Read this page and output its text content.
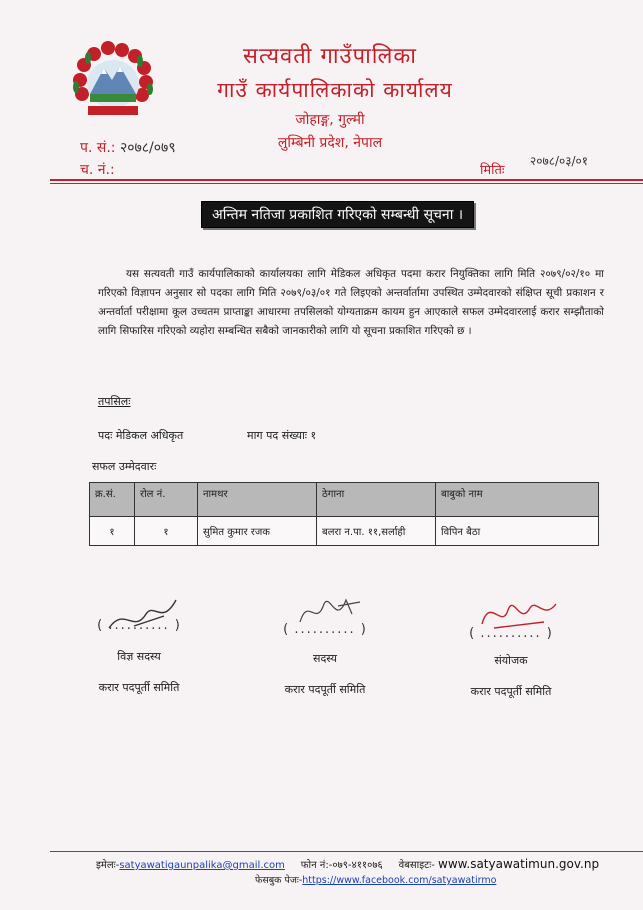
सत्यवती गाउँपालिका
गाउँ कार्यपालिकाको कार्यालय
जोहाङ्ग, गुल्मी
लुम्बिनी प्रदेश, नेपाल
प. सं.: २०७८/०७९
च. नं.:	मितिः
२०७८/०३/०१
अन्तिम नतिजा प्रकाशित गरिएको सम्बन्धी सूचना ।
यस सत्यवती गाउँ कार्यपालिकाको कार्यालयका लागि मेडिकल अधिकृत पदमा करार नियुक्तिका लागि मिति २०७९/०२/१० मा गरिएको विज्ञापन अनुसार सो पदका लागि मिति २०७९/०३/०१ गते लिइएको अन्तर्वार्तामा उपस्थित उम्मेदवारको संक्षिप्त सूची प्रकाशन र अन्तर्वार्ता परीक्षामा कूल उच्चतम प्राप्ताङ्का आधारमा तपसिलको योग्यताक्रम कायम हुन आएकाले सफल उम्मेदवारलाई करार सम्झौताको लागि सिफारिस गरिएको व्यहोरा सम्बन्धित सबैको जानकारीको लागि यो सूचना प्रकाशित गरिएको छ ।
तपसिलः
पदः मेडिकल अधिकृत	माग पद संख्याः १
सफल उम्मेदवारः
क्र.सं.	रोल नं.	नामथर	ठेगाना	बाबुको नाम
१	१	सुमित कुमार रजक	बलरा न.पा. ११,सर्लाही	विपिन बैठा
( .......... )
विज्ञ सदस्य
करार पदपूर्ती समिति
( .......... )
सदस्य
करार पदपूर्ती समिति
( .......... )
संयोजक
करार पदपूर्ती समिति
इमेलः-satyawatigaunpalika@gmail.com फोन नं:-०७९-४११०७६ वेबसाइटः- www.satyawatimun.gov.np
फेसबुक पेजः-https://www.facebook.com/satyawatirmo
